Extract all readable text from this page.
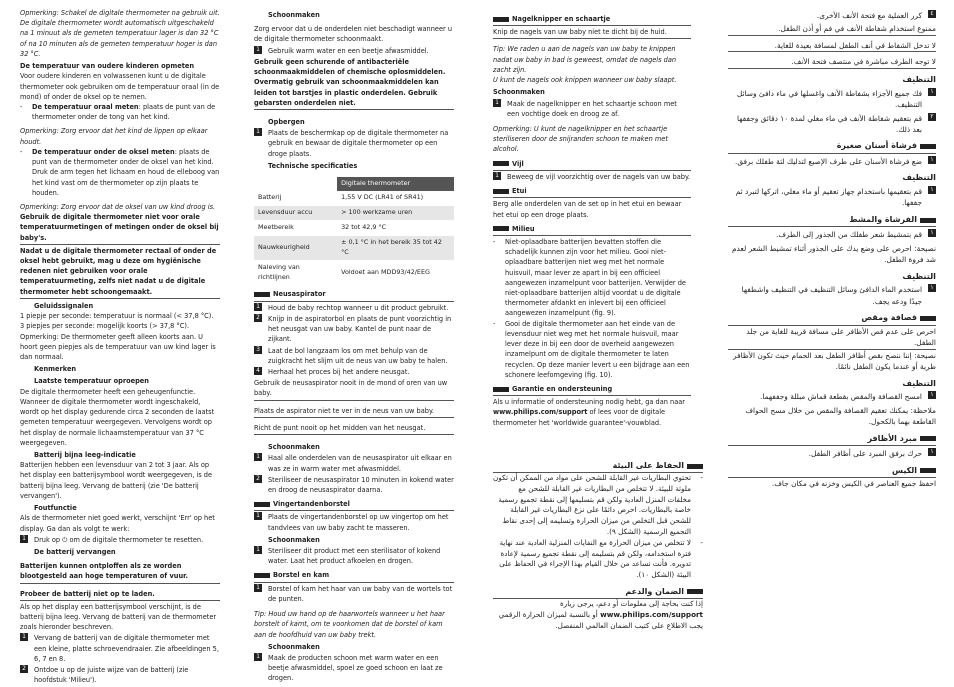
Opmerking: Schakel de digitale thermometer na gebruik uit. De digitale thermometer wordt automatisch uitgeschakeld na 1 minuut als de gemeten temperatuur lager is dan 32 °C of na 10 minuten als de gemeten temperatuur hoger is dan 32 °C.

De temperatuur van oudere kinderen opmeten

Voor oudere kinderen en volwassenen kunt u de digitale thermometer ook gebruiken om de temperatuur oraal (in de mond) of onder de oksel op te nemen.

-	De temperatuur oraal meten: plaats de punt van de thermometer onder de tong van het kind.

Opmerking: Zorg ervoor dat het kind de lippen op elkaar houdt.

-	De temperatuur onder de oksel meten: plaats de punt van de thermometer onder de oksel van het kind. Druk de arm tegen het lichaam en houd de elleboog van het kind vast om de thermometer op zijn plaats te houden.

Opmerking: Zorg ervoor dat de oksel van uw kind droog is.

Gebruik de digitale thermometer niet voor orale temperatuurmetingen of metingen onder de oksel bij baby's.

Nadat u de digitale thermometer rectaal of onder de oksel hebt gebruikt, mag u deze om hygiënische redenen niet gebruiken voor orale temperatuurmeting, zelfs niet nadat u de digitale thermometer hebt schoongemaakt.

Geluidssignalen

1 piepje per seconde: temperatuur is normaal (< 37,8 °C).

3 piepjes per seconde: mogelijk koorts (> 37,8 °C).

Opmerking: De thermometer geeft alleen koorts aan. U hoort geen piepjes als de temperatuur van uw kind lager is dan normaal.

Kenmerken

Laatste temperatuur oproepen

De digitale thermometer heeft een geheugenfunctie. Wanneer de digitale thermometer wordt ingeschakeld, wordt op het display gedurende circa 2 seconden de laatst gemeten temperatuur weergegeven. Vervolgens wordt op het display de normale lichaamstemperatuur van 37 °C weergegeven.

Batterij bijna leeg-indicatie

Batterijen hebben een levensduur van 2 tot 3 jaar. Als op het display een batterijsymbool wordt weergegeven, is de batterij bijna leeg. Vervang de batterij (zie 'De batterij vervangen').

Foutfunctie

Als de thermometer niet goed werkt, verschijnt 'Err' op het display. Ga dan als volgt te werk:

1	Druk op ⏻ om de digitale thermometer te resetten.

De batterij vervangen

Batterijen kunnen ontploffen als ze worden blootgesteld aan hoge temperaturen of vuur.

Probeer de batterij niet op te laden.

Als op het display een batterijsymbool verschijnt, is de batterij bijna leeg. Vervang de batterij van de thermometer zoals hieronder beschreven.

1	Vervang de batterij van de digitale thermometer met een kleine, platte schroevendraaier. Zie afbeeldingen 5, 6, 7 en 8.

2	Ontdoe u op de juiste wijze van de batterij (zie hoofdstuk 'Milieu').

Schoonmaken

Zorg ervoor dat u de onderdelen niet beschadigt wanneer u de digitale thermometer schoonmaakt.

1	Gebruik warm water en een beetje afwasmiddel.

Gebruik geen schurende of antibacteriële schoonmaakmiddelen of chemische oplosmiddelen. Overmatig gebruik van schoonmaakmiddelen kan leiden tot barstjes in plastic onderdelen. Gebruik gebarsten onderdelen niet.

Opbergen

1	Plaats de beschermkap op de digitale thermometer na gebruik en bewaar de digitale thermometer op een droge plaats.

Technische specificaties

	Digitale thermometer
Batterij	1,55 V DC (LR41 of SR41)
Levensduur accu	> 100 werkzame uren
Meetbereik	32 tot 42,9 °C
Nauwkeurigheid	± 0,1 °C in het bereik 35 tot 42 °C
Naleving van richtlijnen	Voldoet aan MDD93/42/EEG
Neusaspirator
1	Houd de baby rechtop wanneer u dit product gebruikt.

2	Knijp in de aspiratorbol en plaats de punt voorzichtig in het neusgat van uw baby. Kantel de punt naar de zijkant.

3	Laat de bol langzaam los om met behulp van de zuigkracht het slijm uit de neus van uw baby te halen.

4	Herhaal het proces bij het andere neusgat.

Gebruik de neusaspirator nooit in de mond of oren van uw baby.

Plaats de aspirator niet te ver in de neus van uw baby.

Richt de punt nooit op het midden van het neusgat.

Schoonmaken

1	Haal alle onderdelen van de neusaspirator uit elkaar en was ze in warm water met afwasmiddel.

2	Steriliseer de neusaspirator 10 minuten in kokend water en droog de neusaspirator daarna.

Vingertandenborstel
1	Plaats de vingertandenborstel op uw vingertop om het tandvlees van uw baby zacht te masseren.

Schoonmaken

1	Steriliseer dit product met een sterilisator of kokend water. Laat het product afkoelen en drogen.

Borstel en kam
1	Borstel of kam het haar van uw baby van de wortels tot de punten.

Tip: Houd uw hand op de haarwortels wanneer u het haar borstelt of kamt, om te voorkomen dat de borstel of kam aan de hoofdhuid van uw baby trekt.

Schoonmaken

1	Maak de producten schoon met warm water en een beetje afwasmiddel, spoel ze goed schoon en laat ze drogen.

Nagelknipper en schaartje

Knip de nagels van uw baby niet te dicht bij de huid.

Tip: We raden u aan de nagels van uw baby te knippen nadat uw baby in bad is geweest, omdat de nagels dan zacht zijn.

U kunt de nagels ook knippen wanneer uw baby slaapt.

Schoonmaken

1	Maak de nagelknipper en het schaartje schoon met een vochtige doek en droog ze af.

Opmerking: U kunt de nagelknipper en het schaartje steriliseren door de snijranden schoon te maken met alcohol.

Vijl
1	Beweeg de vijl voorzichtig over de nagels van uw baby.

Etui

Berg alle onderdelen van de set op in het etui en bewaar het etui op een droge plaats.

Milieu
-	Niet-oplaadbare batterijen bevatten stoffen die schadelijk kunnen zijn voor het milieu. Gooi niet-oplaadbare batterijen niet weg met het normale huisvuil, maar lever ze apart in bij een officieel aangewezen inzamelpunt voor batterijen. Verwijder de niet-oplaadbare batterijen altijd voordat u de digitale thermometer afdankt en inlevert bij een officieel aangewezen inzamelpunt (fig. 9).

-	Gooi de digitale thermometer aan het einde van de levensduur niet weg met het normale huisvuil, maar lever deze in bij een door de overheid aangewezen inzamelpunt om de digitale thermometer te laten recyclen. Op deze manier levert u een bijdrage aan een schonere leefomgeving (fig. 10).

Garantie en ondersteuning

Als u informatie of ondersteuning nodig hebt, ga dan naar www.philips.com/support of lees voor de digitale thermometer het 'worldwide guarantee'-vouwblad.

٤

كرر العملية مع فتحة الأنف الأخرى.

ممنوع استخدام شفاطة الأنف في فم أو أذن الطفل.

لا تدخل الشفاط في أنف الطفل لمسافة بعيدة للغاية.

لا توجه الطرف مباشرة في منتصف فتحة الأنف.

التنظيف

١

فك جميع الأجزاء بشفاطة الأنف واغسلها في ماء دافئ وسائل التنظيف.

٢

قم بتعقيم شفاطة الأنف في ماء مغلي لمدة ١٠ دقائق وجففها بعد ذلك.

فرشاة أسنان صغيرة
١

ضع فرشاة الأسنان على طرف الإصبع لتدليك لثة طفلك برفق.

التنظيف

١

قم بتعقيمها باستخدام جهاز تعقيم أو ماء مغلي، اتركها لتبرد ثم جففها.

الفرشاة والمشط
١

قم بتمشيط شعر طفلك من الجذور إلى الطرف.

نصيحة: احرص على وضع يدك على الجذور أثناء تمشيط الشعر لعدم شد فروة الطفل.

التنظيف

١

استخدم الماء الدافئ وسائل التنظيف في التنظيف واشطفها جيدًا ودعه يجف.

قصافة ومقص

احرص على عدم قص الأظافر على مسافة قريبة للغاية من جلد الطفل.

نصيحة: إننا ننصح بقص أظافر الطفل بعد الحمام حيث تكون الأظافر طرية أو عندما يكون الطفل نائمًا.

التنظيف

١

امسح القصافة والمقص بقطعة قماش مبللة وجففهما.

ملاحظة: يمكنك تعقيم القصافة والمقص من خلال مسح الحواف القاطعة بهما بالكحول.

مبرد الأظافر
١

حرك برفق المبرد على أظافر الطفل.

الكيس

احفظ جميع العناصر في الكيس وخزنه في مكان جاف.

الحفاظ على البيئة
-

تحتوي البطاريات غير القابلة للشحن على مواد من الممكن أن تكون ملوثة للبيئة. لا تتخلص من البطاريات غير القابلة للشحن مع مخلفات المنزل العادية ولكن قم بتسليمها إلى نقطة تجميع رسمية خاصة بالبطاريات. احرص دائمًا على نزع البطاريات غير القابلة للشحن قبل التخلص من ميزان الحرارة وتسليمه إلى إحدى نقاط التجميع الرسمية (الشكل ٩).

-

لا تتخلص من ميزان الحرارة مع النفايات المنزلية العادية عند نهاية فترة استخدامه، ولكن قم بتسليمه إلى نقطة تجميع رسمية لإعادة تدويره. فأنت تساعد من خلال القيام بهذا الإجراء في الحفاظ على البيئة (الشكل ١٠).

الضمان والدعم

إذا كنت بحاجة إلى معلومات أو دعم، يرجى زيارة www.philips.com/support أو بالنسبة لميزان الحرارة الرقمي يجب الاطلاع على كتيب الضمان العالمي المنفصل.
